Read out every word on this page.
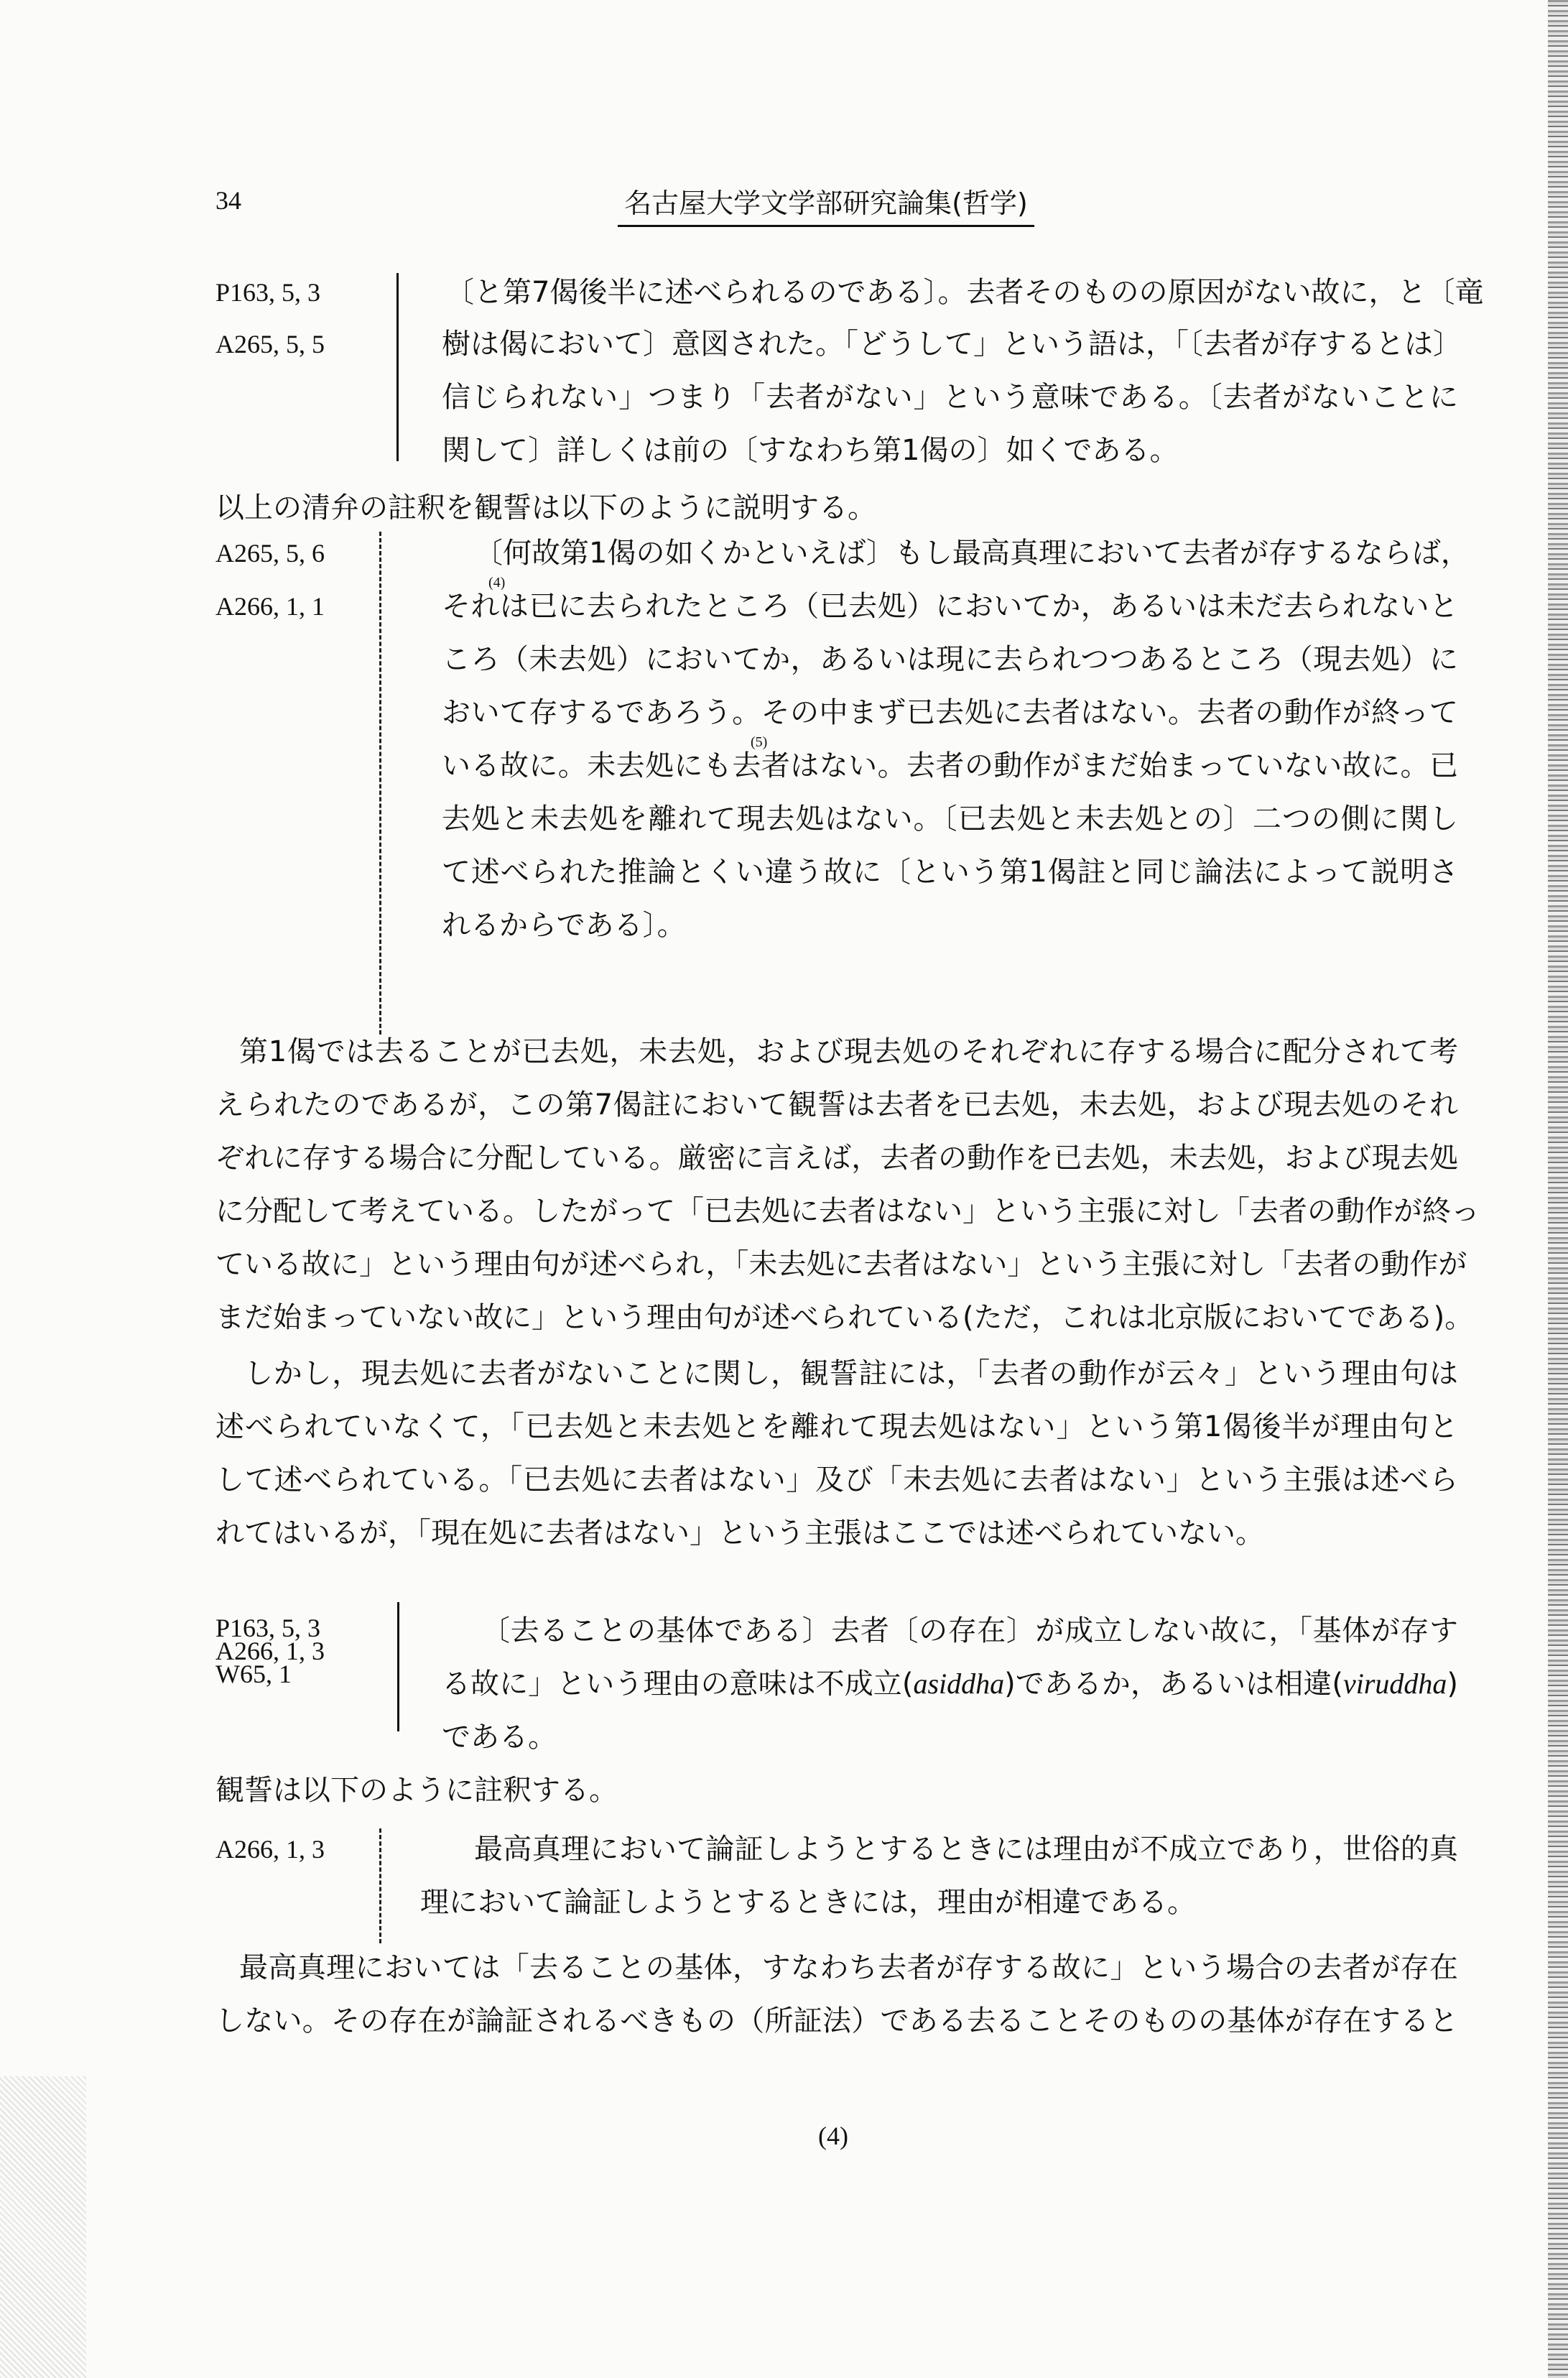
34	名古屋大学文学部研究論集(哲学)
P163, 5, 3
A265, 5, 5
〔と第7偈後半に述べられるのである〕。去者そのものの原因がない故に，と〔竜
樹は偈において〕意図された。「どうして」という語は，「〔去者が存するとは〕
信じられない」つまり「去者がない」という意味である。〔去者がないことに
関して〕詳しくは前の〔すなわち第1偈の〕如くである。
以上の清弁の註釈を観誓は以下のように説明する。
A265, 5, 6
A266, 1, 1
(4)
(5)
〔何故第1偈の如くかといえば〕もし最高真理において去者が存するならば，
それは已に去られたところ（已去処）においてか，あるいは未だ去られないと
ころ（未去処）においてか，あるいは現に去られつつあるところ（現去処）に
おいて存するであろう。その中まず已去処に去者はない。去者の動作が終って
いる故に。未去処にも去者はない。去者の動作がまだ始まっていない故に。已
去処と未去処を離れて現去処はない。〔已去処と未去処との〕二つの側に関し
て述べられた推論とくい違う故に〔という第1偈註と同じ論法によって説明さ
れるからである〕。
第1偈では去ることが已去処，未去処，および現去処のそれぞれに存する場合に配分されて考
えられたのであるが，この第7偈註において観誓は去者を已去処，未去処，および現去処のそれ
ぞれに存する場合に分配している。厳密に言えば，去者の動作を已去処，未去処，および現去処
に分配して考えている。したがって「已去処に去者はない」という主張に対し「去者の動作が終っ
ている故に」という理由句が述べられ，「未去処に去者はない」という主張に対し「去者の動作が
まだ始まっていない故に」という理由句が述べられている(ただ，これは北京版においてである)。
しかし，現去処に去者がないことに関し，観誓註には，「去者の動作が云々」という理由句は
述べられていなくて，「已去処と未去処とを離れて現去処はない」という第1偈後半が理由句と
して述べられている。「已去処に去者はない」及び「未去処に去者はない」という主張は述べら
れてはいるが，「現在処に去者はない」という主張はここでは述べられていない。
P163, 5, 3
A266, 1, 3
W65, 1
〔去ることの基体である〕去者〔の存在〕が成立しない故に，「基体が存す
る故に」という理由の意味は不成立(asiddha)であるか，あるいは相違(viruddha)
である。
観誓は以下のように註釈する。
A266, 1, 3	最高真理において論証しようとするときには理由が不成立であり，世俗的真
理において論証しようとするときには，理由が相違である。
最高真理においては「去ることの基体，すなわち去者が存する故に」という場合の去者が存在
しない。その存在が論証されるべきもの（所証法）である去ることそのものの基体が存在すると
(4)
